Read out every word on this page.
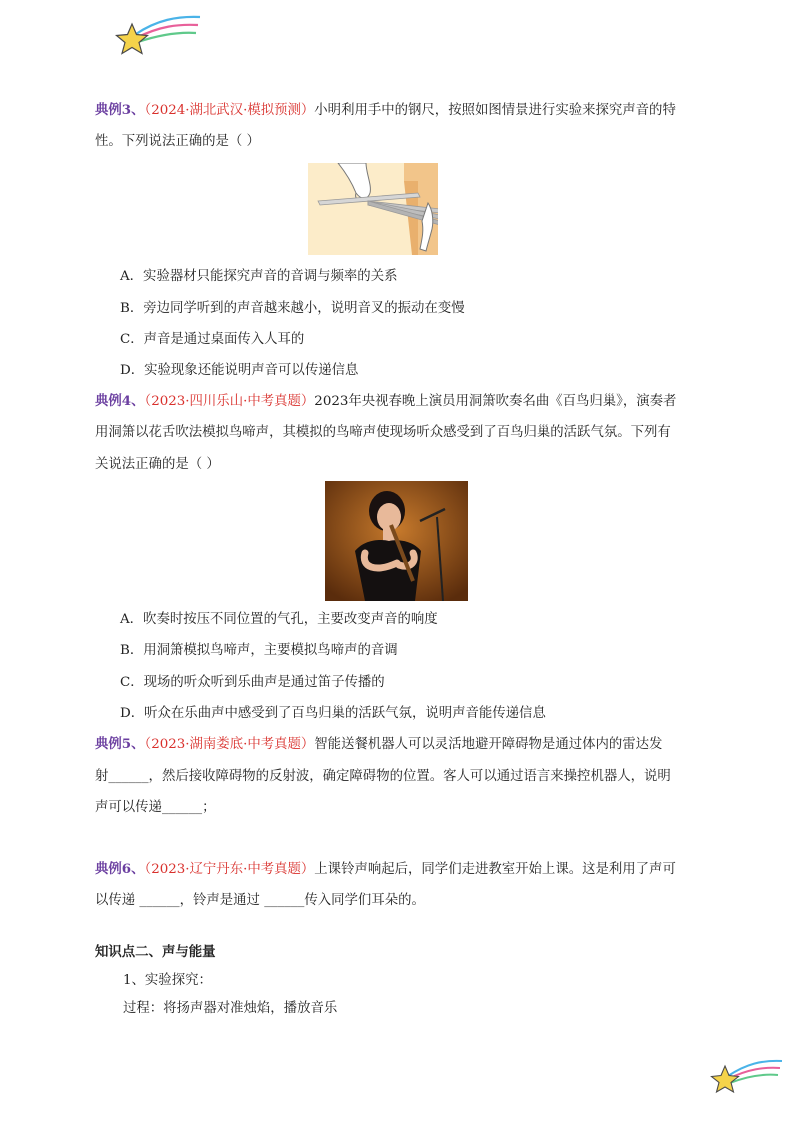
典例3、（2024·湖北武汉·模拟预测）小明利用手中的钢尺，按照如图情景进行实验来探究声音的特
性。下列说法正确的是（ ）
A．实验器材只能探究声音的音调与频率的关系
B．旁边同学听到的声音越来越小，说明音叉的振动在变慢
C．声音是通过桌面传入人耳的
D．实验现象还能说明声音可以传递信息
典例4、（2023·四川乐山·中考真题）2023年央视春晚上演员用洞箫吹奏名曲《百鸟归巢》，演奏者
用洞箫以花舌吹法模拟鸟啼声，其模拟的鸟啼声使现场听众感受到了百鸟归巢的活跃气氛。下列有
关说法正确的是（ ）
A．吹奏时按压不同位置的气孔，主要改变声音的响度
B．用洞箫模拟鸟啼声，主要模拟鸟啼声的音调
C．现场的听众听到乐曲声是通过笛子传播的
D．听众在乐曲声中感受到了百鸟归巢的活跃气氛，说明声音能传递信息
典例5、（2023·湖南娄底·中考真题）智能送餐机器人可以灵活地避开障碍物是通过体内的雷达发
射______，然后接收障碍物的反射波，确定障碍物的位置。客人可以通过语言来操控机器人，说明
声可以传递______；
典例6、（2023·辽宁丹东·中考真题）上课铃声响起后，同学们走进教室开始上课。这是利用了声可
以传递 ______，铃声是通过 ______传入同学们耳朵的。
知识点二、声与能量
1、实验探究：
过程：将扬声器对准烛焰，播放音乐
